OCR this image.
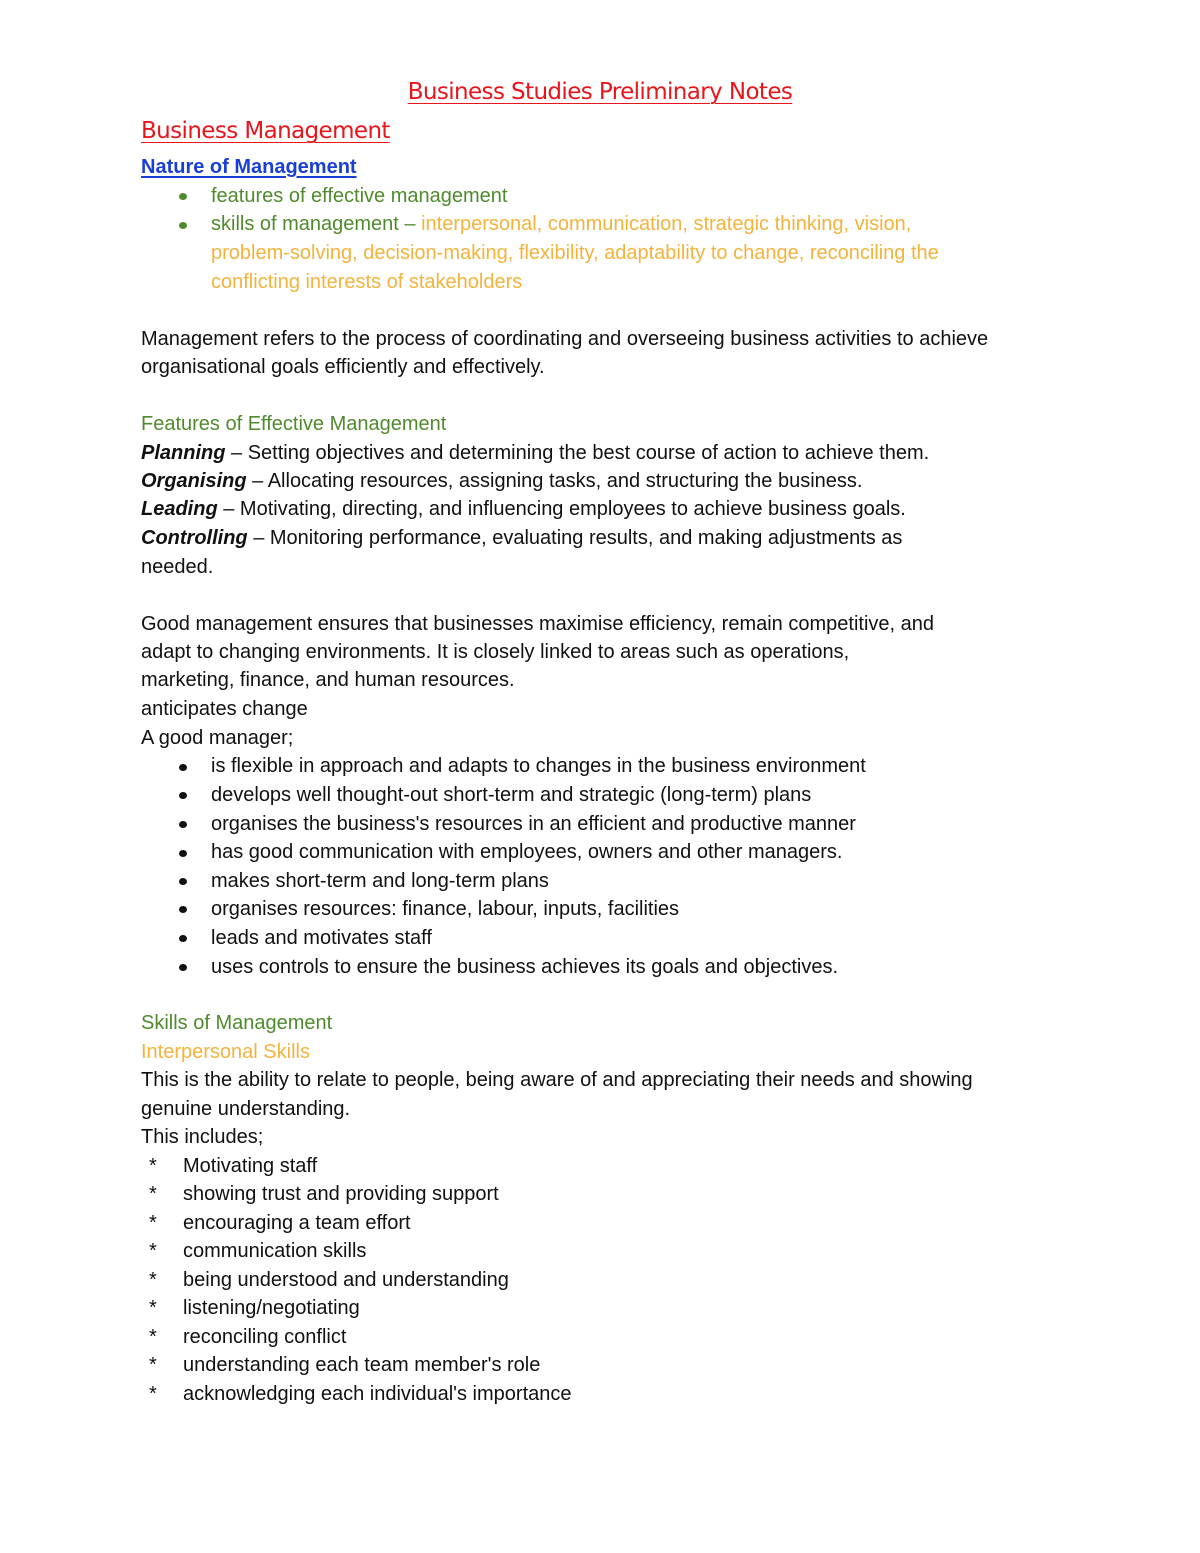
Business Studies Preliminary Notes
Business Management
Nature of Management
features of effective management
skills of management – interpersonal, communication, strategic thinking, vision,
problem-solving, decision-making, flexibility, adaptability to change, reconciling the
conflicting interests of stakeholders
Management refers to the process of coordinating and overseeing business activities to achieve
organisational goals efficiently and effectively.
Features of Effective Management
Planning – Setting objectives and determining the best course of action to achieve them.
Organising – Allocating resources, assigning tasks, and structuring the business.
Leading – Motivating, directing, and influencing employees to achieve business goals.
Controlling – Monitoring performance, evaluating results, and making adjustments as
needed.
Good management ensures that businesses maximise efficiency, remain competitive, and
adapt to changing environments. It is closely linked to areas such as operations,
marketing, finance, and human resources.
anticipates change
A good manager;
is flexible in approach and adapts to changes in the business environment
develops well thought-out short-term and strategic (long-term) plans
organises the business's resources in an efficient and productive manner
has good communication with employees, owners and other managers.
makes short-term and long-term plans
organises resources: finance, labour, inputs, facilities
leads and motivates staff
uses controls to ensure the business achieves its goals and objectives.
Skills of Management
Interpersonal Skills
This is the ability to relate to people, being aware of and appreciating their needs and showing
genuine understanding.
This includes;
* Motivating staff
* showing trust and providing support
* encouraging a team effort
* communication skills
* being understood and understanding
* listening/negotiating
* reconciling conflict
* understanding each team member's role
* acknowledging each individual's importance
